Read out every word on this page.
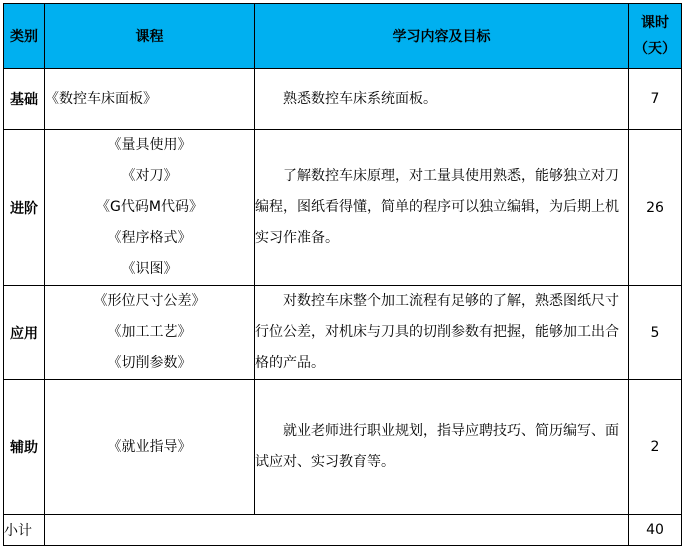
类别	课程	学习内容及目标	课时
（天）

基础	《数控车床面板》	　　熟悉数控车床系统面板。	7
进阶	《量具使用》
《对刀》
《G代码M代码》
《程序格式》
《识图》	　　了解数控车床原理，对工量具使用熟悉，能够独立对刀编程，图纸看得懂，简单的程序可以独立编辑，为后期上机实习作准备。	26
应用	《形位尺寸公差》
《加工工艺》
《切削参数》	　　对数控车床整个加工流程有足够的了解，熟悉图纸尺寸行位公差，对机床与刀具的切削参数有把握，能够加工出合格的产品。	5
辅助	《就业指导》	　　就业老师进行职业规划，指导应聘技巧、简历编写、面试应对、实习教育等。	2
小计			40
